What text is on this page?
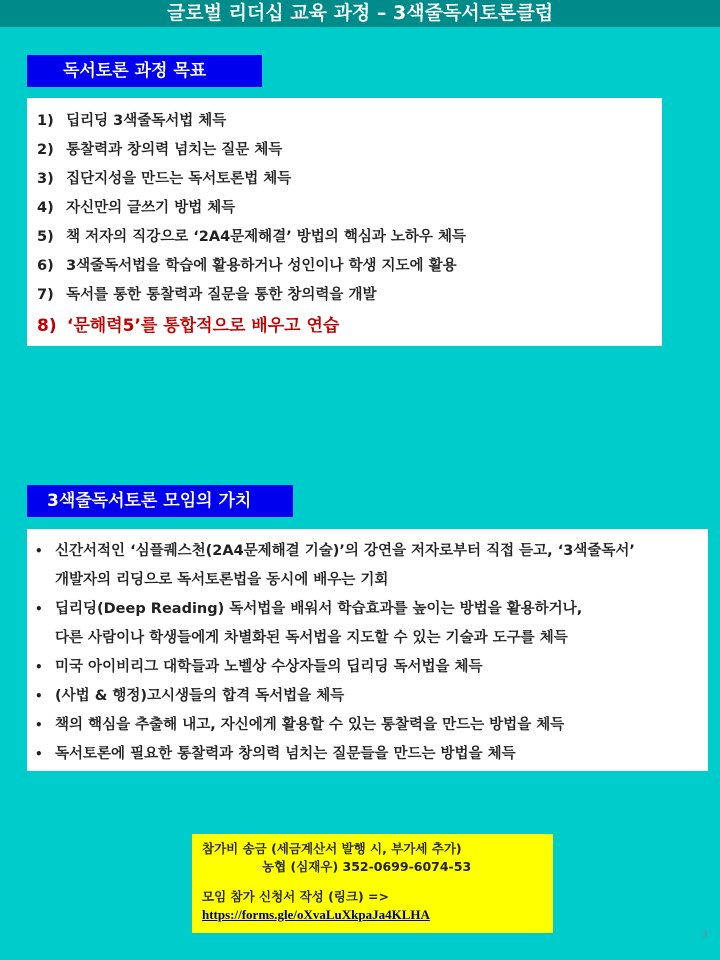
글로벌 리더십 교육 과정 – 3색줄독서토론클럽
독서토론 과정 목표
1) 딥리딩 3색줄독서법 체득
2) 통찰력과 창의력 넘치는 질문 체득
3) 집단지성을 만드는 독서토론법 체득
4) 자신만의 글쓰기 방법 체득
5) 책 저자의 직강으로 ‘2A4문제해결’ 방법의 핵심과 노하우 체득
6) 3색줄독서법을 학습에 활용하거나 성인이나 학생 지도에 활용
7) 독서를 통한 통찰력과 질문을 통한 창의력을 개발
8) ‘문해력5’를 통합적으로 배우고 연습
3색줄독서토론 모임의 가치
• 신간서적인 ‘심플퀘스천(2A4문제해결 기술)’의 강연을 저자로부터 직접 듣고, ‘3색줄독서’
개발자의 리딩으로 독서토론법을 동시에 배우는 기회
• 딥리딩(Deep Reading) 독서법을 배워서 학습효과를 높이는 방법을 활용하거나,
다른 사람이나 학생들에게 차별화된 독서법을 지도할 수 있는 기술과 도구를 체득
• 미국 아이비리그 대학들과 노벨상 수상자들의 딥리딩 독서법을 체득
• (사법 & 행정)고시생들의 합격 독서법을 체득
• 책의 핵심을 추출해 내고, 자신에게 활용할 수 있는 통찰력을 만드는 방법을 체득
• 독서토론에 필요한 통찰력과 창의력 넘치는 질문들을 만드는 방법을 체득
참가비 송금 (세금계산서 발행 시, 부가세 추가)
농협 (심재우) 352-0699-6074-53
모임 참가 신청서 작성 (링크) =>
https://forms.gle/oXvaLuXkpaJa4KLHA
3
